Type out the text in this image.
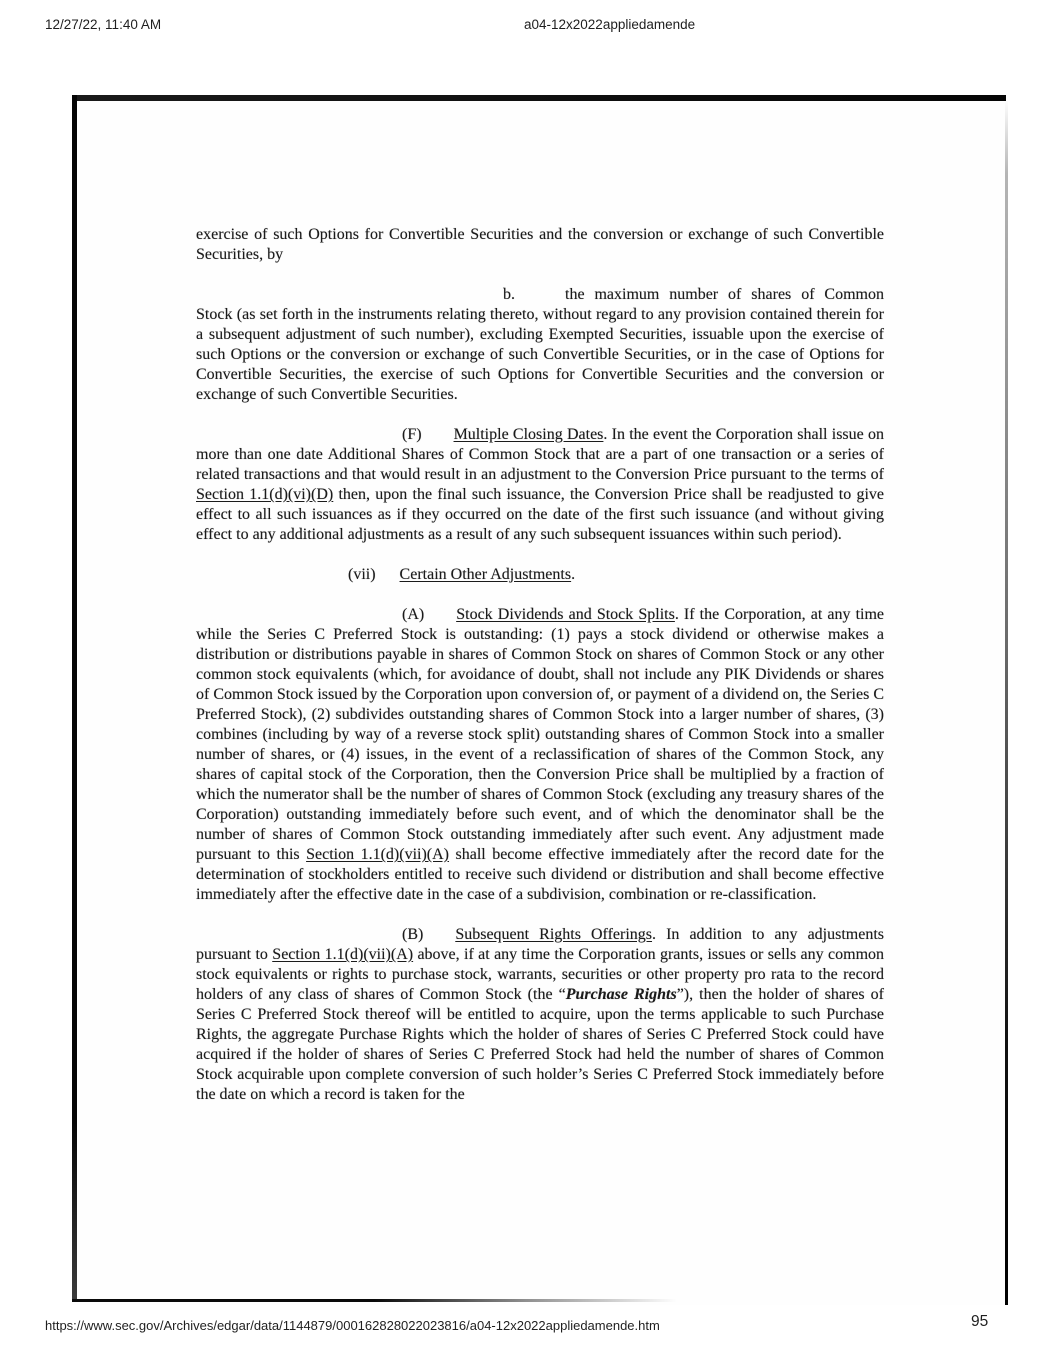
12/27/22, 11:40 AM	a04-12x2022appliedamende

exercise of such Options for Convertible Securities and the conversion or exchange of such Convertible Securities, by

b.	the maximum number of shares of Common Stock (as set forth in the instruments relating thereto, without regard to any provision contained therein for a subsequent adjustment of such number), excluding Exempted Securities, issuable upon the exercise of such Options or the conversion or exchange of such Convertible Securities, or in the case of Options for Convertible Securities, the exercise of such Options for Convertible Securities and the conversion or exchange of such Convertible Securities.

(F) Multiple Closing Dates. In the event the Corporation shall issue on more than one date Additional Shares of Common Stock that are a part of one transaction or a series of related transactions and that would result in an adjustment to the Conversion Price pursuant to the terms of Section 1.1(d)(vi)(D) then, upon the final such issuance, the Conversion Price shall be readjusted to give effect to all such issuances as if they occurred on the date of the first such issuance (and without giving effect to any additional adjustments as a result of any such subsequent issuances within such period).

(vii) Certain Other Adjustments.

(A) Stock Dividends and Stock Splits. If the Corporation, at any time while the Series C Preferred Stock is outstanding: (1) pays a stock dividend or otherwise makes a distribution or distributions payable in shares of Common Stock on shares of Common Stock or any other common stock equivalents (which, for avoidance of doubt, shall not include any PIK Dividends or shares of Common Stock issued by the Corporation upon conversion of, or payment of a dividend on, the Series C Preferred Stock), (2) subdivides outstanding shares of Common Stock into a larger number of shares, (3) combines (including by way of a reverse stock split) outstanding shares of Common Stock into a smaller number of shares, or (4) issues, in the event of a reclassification of shares of the Common Stock, any shares of capital stock of the Corporation, then the Conversion Price shall be multiplied by a fraction of which the numerator shall be the number of shares of Common Stock (excluding any treasury shares of the Corporation) outstanding immediately before such event, and of which the denominator shall be the number of shares of Common Stock outstanding immediately after such event. Any adjustment made pursuant to this Section 1.1(d)(vii)(A) shall become effective immediately after the record date for the determination of stockholders entitled to receive such dividend or distribution and shall become effective immediately after the effective date in the case of a subdivision, combination or re-classification.

(B) Subsequent Rights Offerings. In addition to any adjustments pursuant to Section 1.1(d)(vii)(A) above, if at any time the Corporation grants, issues or sells any common stock equivalents or rights to purchase stock, warrants, securities or other property pro rata to the record holders of any class of shares of Common Stock (the “Purchase Rights”), then the holder of shares of Series C Preferred Stock thereof will be entitled to acquire, upon the terms applicable to such Purchase Rights, the aggregate Purchase Rights which the holder of shares of Series C Preferred Stock could have acquired if the holder of shares of Series C Preferred Stock had held the number of shares of Common Stock acquirable upon complete conversion of such holder’s Series C Preferred Stock immediately before the date on which a record is taken for the

https://www.sec.gov/Archives/edgar/data/1144879/000162828022023816/a04-12x2022appliedamende.htm	95
